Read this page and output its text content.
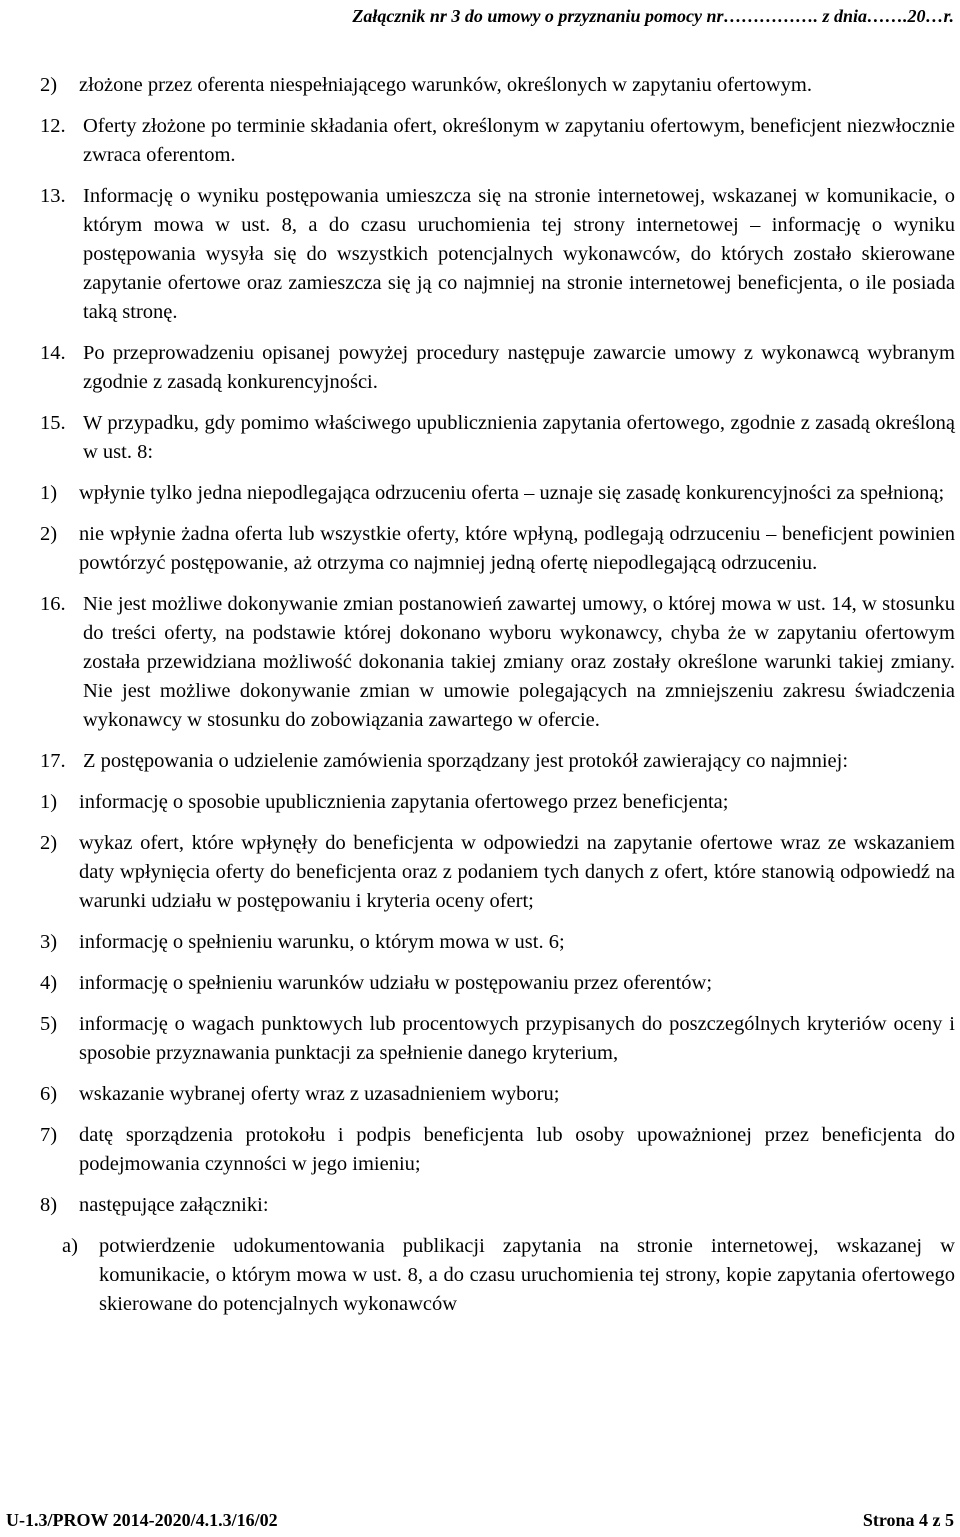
Załącznik nr 3 do umowy o przyznaniu pomocy nr……………. z dnia…….20…r.
2)	złożone przez oferenta niespełniającego warunków, określonych w zapytaniu ofertowym.
12. Oferty złożone po terminie składania ofert, określonym w zapytaniu ofertowym, beneficjent niezwłocznie zwraca oferentom.
13. Informację o wyniku postępowania umieszcza się na stronie internetowej, wskazanej w komunikacie, o którym mowa w ust. 8, a do czasu uruchomienia tej strony internetowej – informację o wyniku postępowania wysyła się do wszystkich potencjalnych wykonawców, do których zostało skierowane zapytanie ofertowe oraz zamieszcza się ją co najmniej na stronie internetowej beneficjenta, o ile posiada taką stronę.
14. Po przeprowadzeniu opisanej powyżej procedury następuje zawarcie umowy z wykonawcą wybranym zgodnie z zasadą konkurencyjności.
15. W przypadku, gdy pomimo właściwego upublicznienia zapytania ofertowego, zgodnie z zasadą określoną w ust. 8:
1)	wpłynie tylko jedna niepodlegająca odrzuceniu oferta – uznaje się zasadę konkurencyjności za spełnioną;
2)	nie wpłynie żadna oferta lub wszystkie oferty, które wpłyną, podlegają odrzuceniu – beneficjent powinien powtórzyć postępowanie, aż otrzyma co najmniej jedną ofertę niepodlegającą odrzuceniu.
16. Nie jest możliwe dokonywanie zmian postanowień zawartej umowy, o której mowa w ust. 14, w stosunku do treści oferty, na podstawie której dokonano wyboru wykonawcy, chyba że w zapytaniu ofertowym została przewidziana możliwość dokonania takiej zmiany oraz zostały określone warunki takiej zmiany. Nie jest możliwe dokonywanie zmian w umowie polegających na zmniejszeniu zakresu świadczenia wykonawcy w stosunku do zobowiązania zawartego w ofercie.
17. Z postępowania o udzielenie zamówienia sporządzany jest protokół zawierający co najmniej:
1)	informację o sposobie upublicznienia zapytania ofertowego przez beneficjenta;
2)	wykaz ofert, które wpłynęły do beneficjenta w odpowiedzi na zapytanie ofertowe wraz ze wskazaniem daty wpłynięcia oferty do beneficjenta oraz z podaniem tych danych z ofert, które stanowią odpowiedź na warunki udziału w postępowaniu i kryteria oceny ofert;
3)	informację o spełnieniu warunku, o którym mowa w ust. 6;
4)	informację o spełnieniu warunków udziału w postępowaniu przez oferentów;
5)	informację o wagach punktowych lub procentowych przypisanych do poszczególnych kryteriów oceny i sposobie przyznawania punktacji za spełnienie danego kryterium,
6)	wskazanie wybranej oferty wraz z uzasadnieniem wyboru;
7)	datę sporządzenia protokołu i podpis beneficjenta lub osoby upoważnionej przez beneficjenta do podejmowania czynności w jego imieniu;
8)	następujące załączniki:
a)	potwierdzenie udokumentowania publikacji zapytania na stronie internetowej, wskazanej w komunikacie, o którym mowa w ust. 8, a do czasu uruchomienia tej strony, kopie zapytania ofertowego skierowane do potencjalnych wykonawców
U-1.3/PROW 2014-2020/4.1.3/16/02	Strona 4 z 5
